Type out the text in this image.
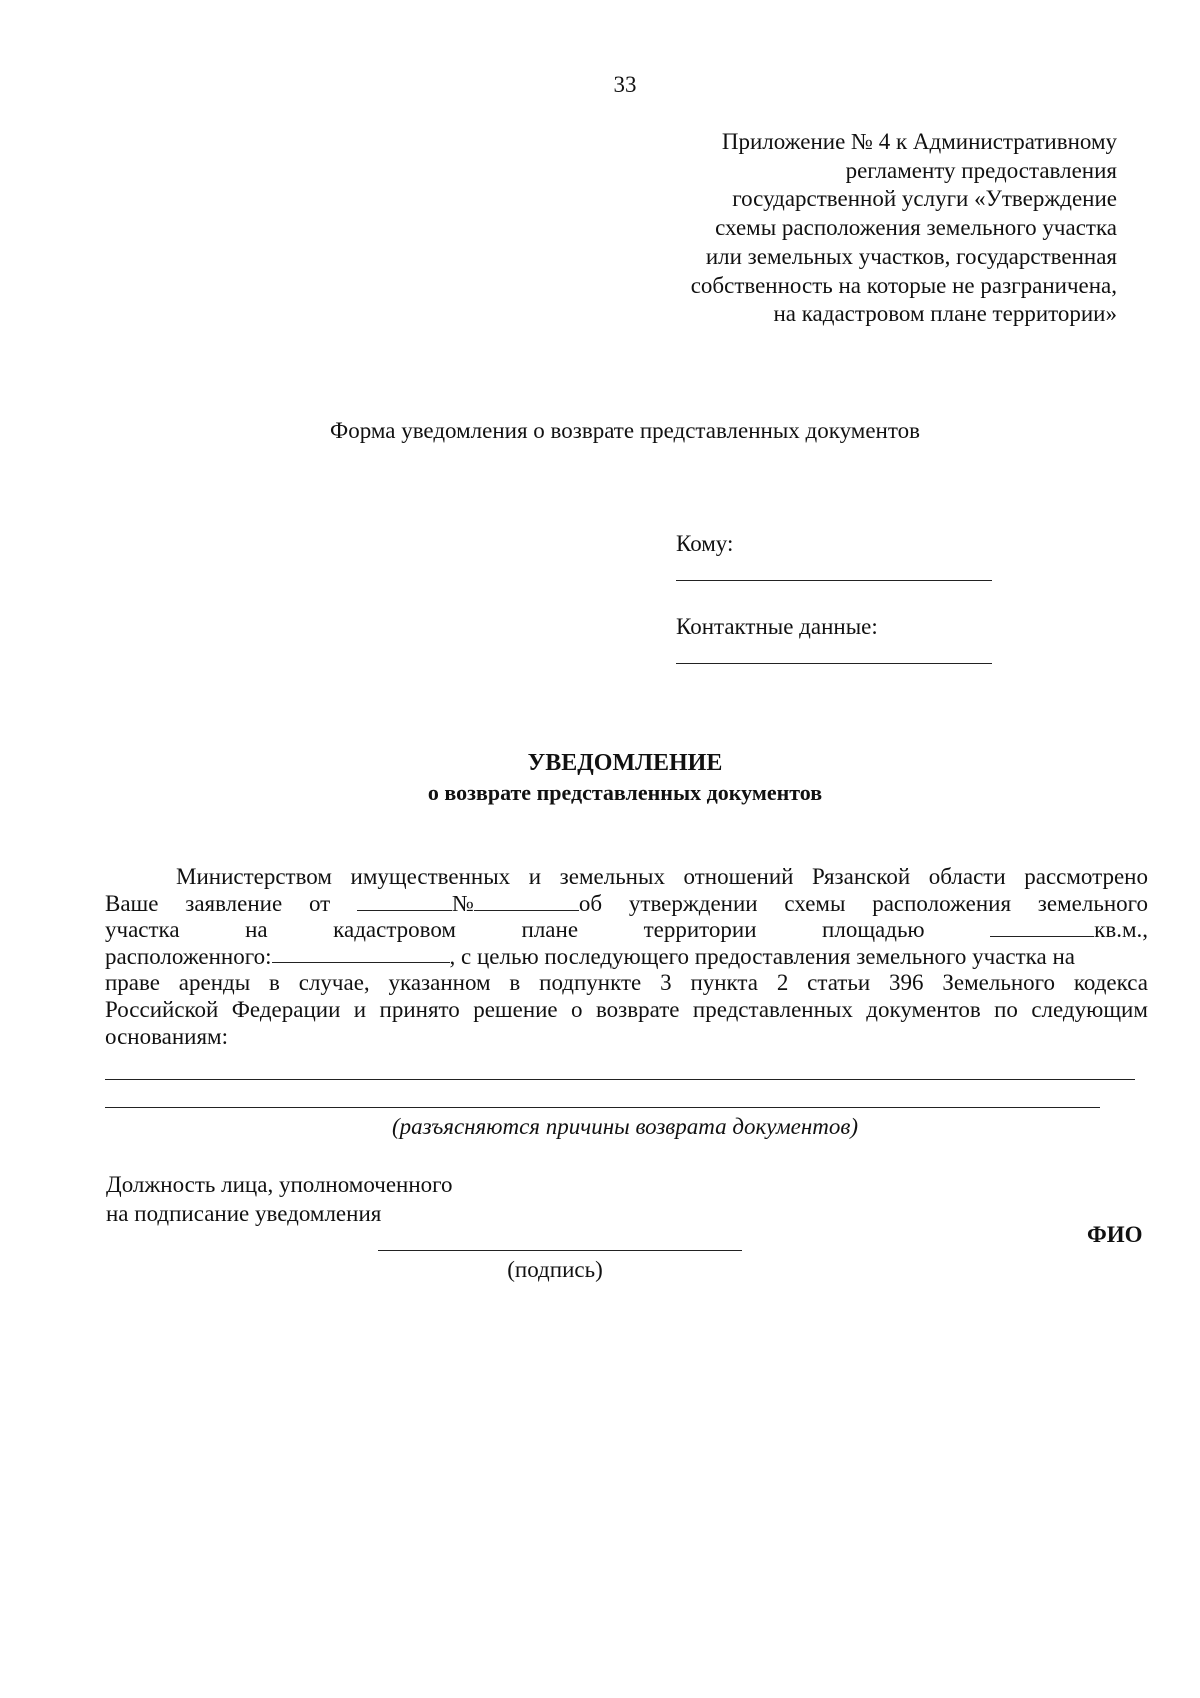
33
Приложение № 4 к Административному
регламенту предоставления
государственной услуги «Утверждение
схемы расположения земельного участка
или земельных участков, государственная
собственность на которые не разграничена,
на кадастровом плане территории»
Форма уведомления о возврате представленных документов
Кому:
Контактные данные:
УВЕДОМЛЕНИЕ
о возврате представленных документов
Министерством имущественных и земельных отношений Рязанской области рассмотрено
Ваше заявление от	№	об утверждении схемы расположения земельного
участка	на	кадастровом	плане	территории	площадью	кв.м.,
расположенного:	, с целью последующего предоставления земельного участка на
праве аренды в случае, указанном в подпункте 3 пункта 2 статьи 396 Земельного кодекса
Российской Федерации и принято решение о возврате представленных документов по следующим
основаниям:
(разъясняются причины возврата документов)
Должность лица, уполномоченного
на подписание уведомления
ФИО
(подпись)
